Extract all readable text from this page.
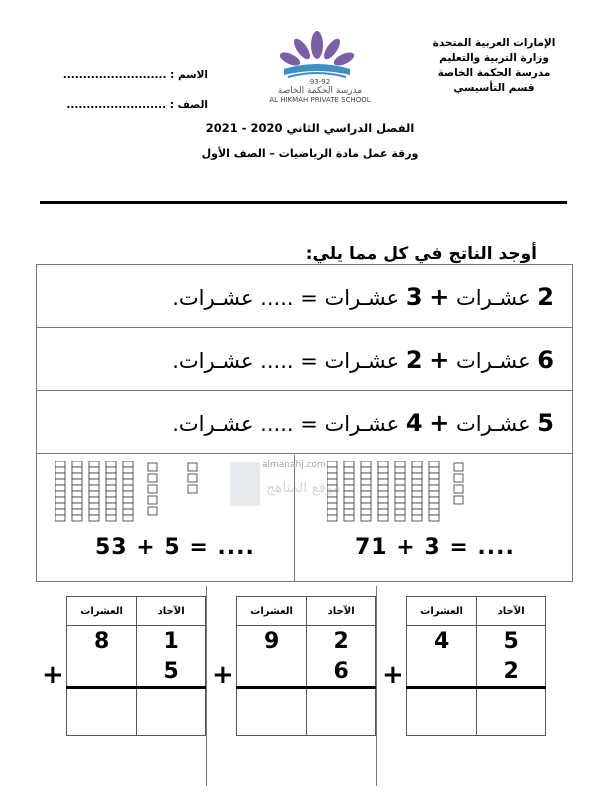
الإمارات العربية المتحدة
وزارة التربية والتعليم
مدرسة الحكمة الخاصة
قسم التأسيسي
الاسم : ..........................
الصف : .........................
93-92
مدرسة الحكمة الخاصة
AL HIKMAH PRIVATE SCHOOL
الفصل الدراسي الثاني 2020 - 2021
ورقة عمل مادة الرياضيات – الصف الأول
أوجد الناتج في كل مما يلي:
2 عشـرات + 3 عشـرات = ..... عشـرات.
6 عشـرات + 2 عشـرات = ..... عشـرات.
5 عشـرات + 4 عشـرات = ..... عشـرات.
53 + 5 = ....	71 + 3 = ....
موقع المناهج
almanahj.com
+
العشرات	الآحاد
8	1
	5
	+
العشرات	الآحاد
9	2
	6
	+
العشرات	الآحاد
4	5
	2
